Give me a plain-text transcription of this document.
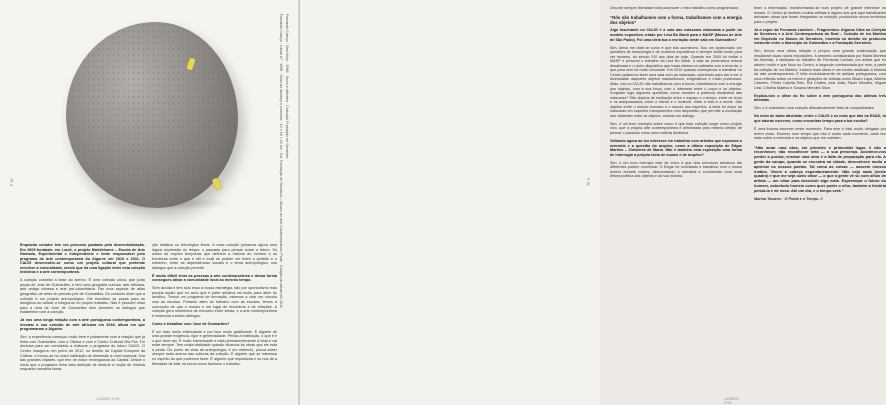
Fernando Carriço · Litoral #7 · 1996 · Seixo do Alentejo e pioneses · 12 × 16 × 12 cm · Col. Fundação de Serralves – Museu de Arte Contemporânea, Porto · Doação do artista em 2011 Fernando Carriço · Sem título · 1996 · Seixo e alfinetes · Colecção Fundação de Serralves
P. 82

Enquanto curador tem um percurso pautado pela descentralização. Em 2009 fundaste, em Loulé, o projeto Mobilehome – Escola de Arte Nómada, Experimental e Independente e foste responsável pelo programa de arte contemporânea do Algarve em 2010 e 2011. O CIAJG desenvolve-se como um projeto cultural que pretende envolver a comunidade, sendo que há uma ligação entre esta coleção histórica e a arte contemporânea.

A coleção constitui a base do acervo. É uma coleção única, que junta peças de José de Guimarães, e tem uma geografia curiosa: arte africana, arte antiga chinesa e arte pré-colombiana. Faz uma espécie de atlas geográfico de artes do período pós de Guimarães. Eu costumo dizer que a coleção é um projeto antropológico. Ele escolheu as peças para as desígnios do artista, e integra-se no próprio trabalho. Não é possível olhar para a obra de José de Guimarães sem perceber os diálogos que estabelece com a coleção.

Já nos uma longa relação com a arte portuguesa contemporânea, a mostrar a sua coleção de arte africana em 2018, altura em que programaram o Algarve.

Sim, a experiência começou muito bem e justamente com a relação que já tinha com Guimarães, com a Oficina e com o Centro Cultural Vila Flor. Foi decisiva para ser convidado a elaborar o programa do futuro CIAJG. O Centro inaugurou em junho de 2012, no âmbito da Capital Europeia da Cultura, e tornou-se na única instituição de dimensão a nível nacional, fora das grandes cidades, que tem de maior envergadura da Capital. Desde o início que o programa tinha esta ambição de destruir a noção de história enquanto narrativa linear.

ção didática ou teleológica linear. A essa coleção juntamos agora uma lógica expressão do tempo: o passado para pensar sobre o futuro. Só assim as noções temporais que definem a história do homem e as fronteiras entre o que é útil e inútil se podem ver entre o perfeito e o estranho, entre as dependências sociais e o tema antropológico, nos diálogos que a coleção permite.

É muito difícil levar as pessoas à arte contemporânea e dessa forma consegues ativar a comunidade local ao mesmo tempo.

Sem dúvida e tem sido essa a nossa estratégia, não por oportunismo mas porque aquilo que eu acho que é parte artística vai muito para além do artístico. Temos um programa de formação, estamos a criar um vínculo com as escolas. Portanto além do trabalho com as escolas, temos a convicção de que o museu é um lugar de encontros e de relações. A coleção gera momentos de encontro entre ideias, e a arte contemporânea é essencial a esses diálogos.

Como é trabalhar com José de Guimarães?

É um lado muito estimulante e por isso muito gratificante. É alguém de uma grande exigência, rigor e generosidade. Pensa a instituição, o que é e o que deve ser. É muito interessante e está permanentemente à vista e vai estar sempre. Tem muita vitalidade quando olhamos às obras que ele está a pintar. Do ponto de vista da antropologia, é um estímulo, pouca saber sempre mais acerca das culturas da coleção. É alguém que se interessa no espírito do que podemos fazer. É alguém que impulsiona e só nos dá a liberdade de lidar na forma como fazemos o trabalho.

LUNÁRIO Nº45

Deu-me sempre liberdade total para fazer o meu trabalho como programador.

“Nós não trabalhamos com a forma, trabalhamos com a energia dos objetos”

Algo fascinante no CIAJG é a sala das máscaras elaborada a partir do modelo expositivo criado por Lina Bo Bardi para o MASP (Museu de Arte de São Paulo). Foi uma ideia tua a recriação deste sala em Guimarães?

Sim, deixa me dizer-te como é que isto aconteceu. Sou um apaixonado por questões de museologia e de modelos expositivos e sempre visitei muito para ver museus, do século XIX aos dias de hoje. Quando em 2009 fui visitar o MASP e procurei o trabalho da Lina Bo Bardi, a sala da pinacoteca estava desativada e o único dispositivo que havia estava na cafetaria com a ementa, o que para mim foi muito chocante. Em 2010 quando começámos a trabalhar no Centro quisemos fazer uma sala com as máscaras, sobretudo para dar a ver a diversidade daqueles objetos maravilhosos, enigmáticos e muito poderosos. Aliás, nós no CIAJG não trabalhamos com a forma, trabalhamos com a energia dos objetos, com a sua força, com o interesse entre o corpo e os objetos. Surgiram logo algumas questões: como resolver a potência ritualística das máscaras? São objetos de mediação entre o espaço e o tempo, entre os vivos e os antepassados, entre o visível e o invisível, entre a vida e a morte. São objetos entre o mundo humano e o mundo dos espíritos. A ideia foi expor as máscaras em suportes transparentes num dispositivo que permite a circulação dos visitantes entre os objetos, criando um diálogo.

Sim, é um bom exemplo sobre como é que esta coleção surge como projeto vivo, que a própria arte contemporânea é alimentada pelo mesmo desejo de pensar o passado como uma matéria dinâmica.

Voltando agora ao teu interesse em trabalhar com artistas que exploram a memória e a questão do arquivo, como a última exposição de Edgar Martins – Zinisterra de Maria. Não é também esta exposição uma forma de interrogar a própria ideia de museu e de arquivo?

Sim, é um bom exemplo este de como é que dois universos artísticos tão diferentes podem conversar. O Edgar foi convidado e trabalhou com o nosso acervo durante meses, desmontando a narrativa e construindo uma nova leitura poética dos objetos e da sua história.

lecer a informação, transformando-se num projeto de grande interesse no museu. O Centro já recebeu muitos artistas e alguns dos que aqui trabalharam deixaram obras que foram integradas na coleção, produzindo novos territórios para o projeto.

Já a expor da Fernanda Lambert – Fragmentos: Alguma Obra na Coleção de Serralves e a Arte Contemporânea do Real – Coleção de Ivo Martins em Depósito no Museu de Serralves, inserida no âmbito do protocolo existente entre o Município de Guimarães e a Fundação Serralves.

Sim, temos uma ótima relação e propus uma grande colaboração que resultaram duas novas exposições. A primeira comissariada por Maria Moreira de Almeida, é dedicada ao trabalho de Fernando Lanhas, um artista que eu admiro muito e que ficou no Centro; a segunda comissariada por mim, a partir da coleção de Ivo Martins. Incluirá mais obras e um núcleo dedicado à história da arte contemporânea. É feita exclusivamente de artistas portugueses, com uma reflexão sobre os meios e gerações de artistas como Álvaro Lapa, Alberto Carneiro, Pedro Cabrita Reis, Rui Chafes, Ana Jotta, Paulo Mendes, Miguel Leal, Cristina Mateus e Susana Mendes Silva.

Explica-nos o olhar do fio sobre a arte portuguesa das últimas três décadas.

Sim, e é sobretudo uma coleção afirmativamente feita de cumplicidades.

No meio de tanto atividade, entre o CIAJG e os mais que dás na ESAD, tu que adoras escrever, como encontras tempo para a tua escrita?

É uma fortuna escrever neste momento. Para mim é vital, muito obrigado por terem vindo. Escrevo num tempo que não é muito cada momento, cada vez mais sobre a memória e os objetos que me rodeiam.

“Não amar uma obra, em primeiro e primordial lugar, é não a reconhecer; não reconhecer nela — a sua presença. Acontece-nos perder a poesia; ensinar uma obra é a falta de preparação para ela. A gente da campo, quando se encontra na cidade, desconhece muito a apreciar os nossos poetas. Tal como as coisas — nascem nossos irmãos. Vivem a cabeça espontaneamente. Não vejo nada (neste quadro) e que me seja outro olhar — o que a gente vê só com olhos de artista — um olhar para descobrir algo mais. Esperançar o futuro do homem, sobretudo homem como quer poder o olho, também a história pensá-la é de novo. Até um dia, e o tempo será.”

Marina Tavares · O Poeta e o Tempo. //

LUNÁRIO Nº45
P. 83
